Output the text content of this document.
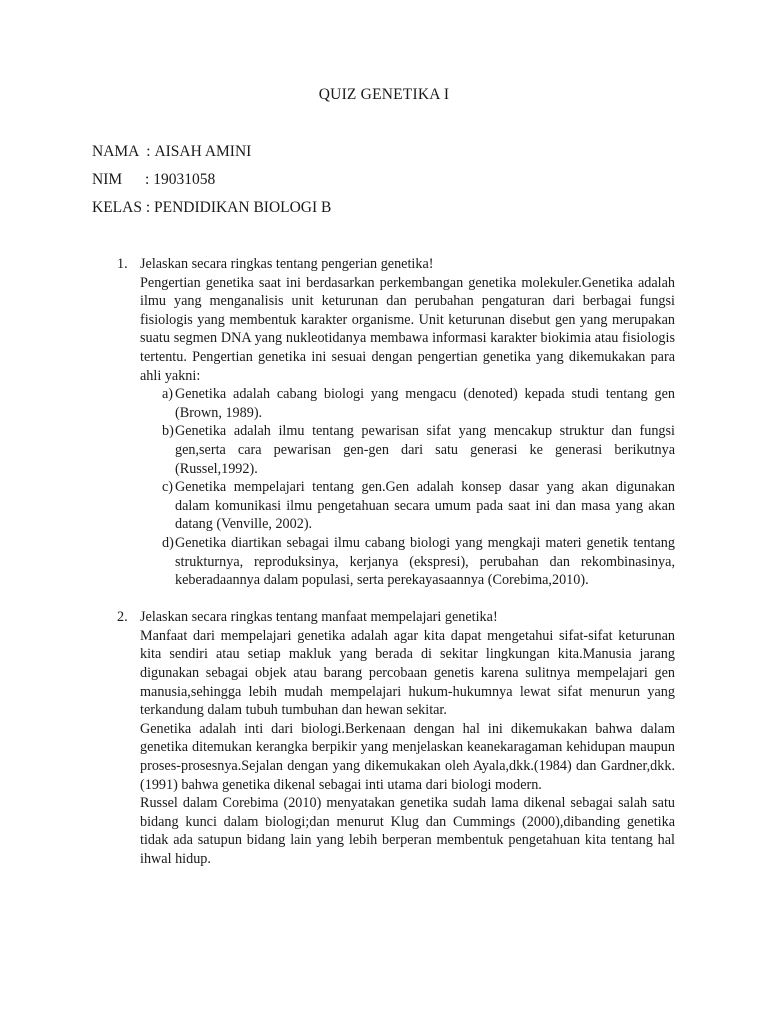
QUIZ GENETIKA I
NAMA  : AISAH AMINI
NIM : 19031058
KELAS : PENDIDIKAN BIOLOGI B
1. Jelaskan secara ringkas tentang pengerian genetika!
Pengertian genetika saat ini berdasarkan perkembangan genetika molekuler.Genetika adalah ilmu yang menganalisis unit keturunan dan perubahan pengaturan dari berbagai fungsi fisiologis yang membentuk karakter organisme. Unit keturunan disebut gen yang merupakan suatu segmen DNA yang nukleotidanya membawa informasi karakter biokimia atau fisiologis tertentu. Pengertian genetika ini sesuai dengan pengertian genetika yang dikemukakan para ahli yakni:
a) Genetika adalah cabang biologi yang mengacu (denoted) kepada studi tentang gen (Brown, 1989).
b) Genetika adalah ilmu tentang pewarisan sifat yang mencakup struktur dan fungsi gen,serta cara pewarisan gen-gen dari satu generasi ke generasi berikutnya (Russel,1992).
c) Genetika mempelajari tentang gen.Gen adalah konsep dasar yang akan digunakan dalam komunikasi ilmu pengetahuan secara umum pada saat ini dan masa yang akan datang (Venville, 2002).
d) Genetika diartikan sebagai ilmu cabang biologi yang mengkaji materi genetik tentang strukturnya, reproduksinya, kerjanya (ekspresi), perubahan dan rekombinasinya, keberadaannya dalam populasi, serta perekayasaannya (Corebima,2010).
2. Jelaskan secara ringkas tentang manfaat mempelajari genetika!
Manfaat dari mempelajari genetika adalah agar kita dapat mengetahui sifat-sifat keturunan kita sendiri atau setiap makluk yang berada di sekitar lingkungan kita.Manusia jarang digunakan sebagai objek atau barang percobaan genetis karena sulitnya mempelajari gen manusia,sehingga lebih mudah mempelajari hukum-hukumnya lewat sifat menurun yang terkandung dalam tubuh tumbuhan dan hewan sekitar.
Genetika adalah inti dari biologi.Berkenaan dengan hal ini dikemukakan bahwa dalam genetika ditemukan kerangka berpikir yang menjelaskan keanekaragaman kehidupan maupun proses-prosesnya.Sejalan dengan yang dikemukakan oleh Ayala,dkk.(1984) dan Gardner,dkk.(1991) bahwa genetika dikenal sebagai inti utama dari biologi modern.
Russel dalam Corebima (2010) menyatakan genetika sudah lama dikenal sebagai salah satu bidang kunci dalam biologi;dan menurut Klug dan Cummings (2000),dibanding genetika tidak ada satupun bidang lain yang lebih berperan membentuk pengetahuan kita tentang hal ihwal hidup.
